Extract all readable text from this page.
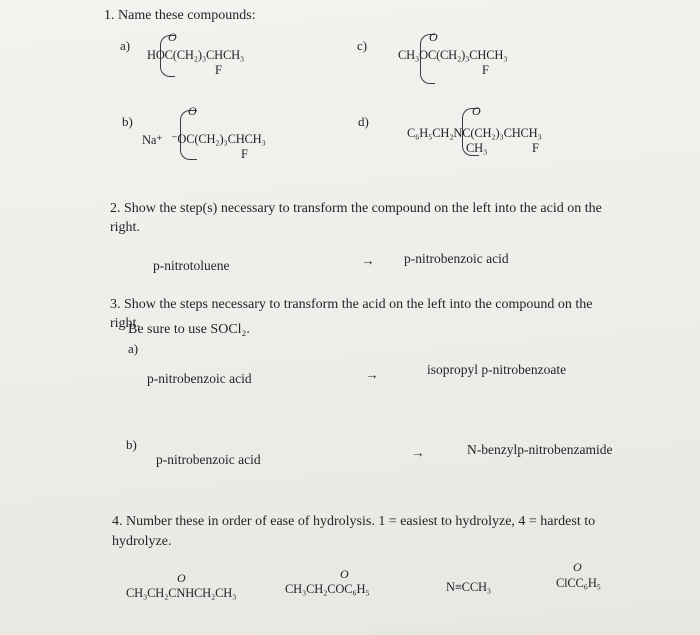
1. Name these compounds:
a)
O
HOC(CH₂)₃CHCH₃
F
b)
Na⁺
O
⁻OC(CH₂)₃CHCH₃
F
c)
O
CH₃OC(CH₂)₃CHCH₃
F
d)
O
C₆H₅CH₂NC(CH₂)₃CHCH₃
CH₃	F
2. Show the step(s) necessary to transform the compound on the left into the acid on the right.
p-nitrotoluene	→ p-nitrobenzoic acid
3. Show the steps necessary to transform the acid on the left into the compound on the right.
Be sure to use SOCl₂.
a)
p-nitrobenzoic acid	→	isopropyl p-nitrobenzoate
b)
p-nitrobenzoic acid	→	N-benzylp-nitrobenzamide
4. Number these in order of ease of hydrolysis. 1 = easiest to hydrolyze, 4 = hardest to hydrolyze.
O
CH₃CH₂CNHCH₂CH₃
O
CH₃CH₂COC₆H₅	N≡CCH₃
O
ClCC₆H₅
